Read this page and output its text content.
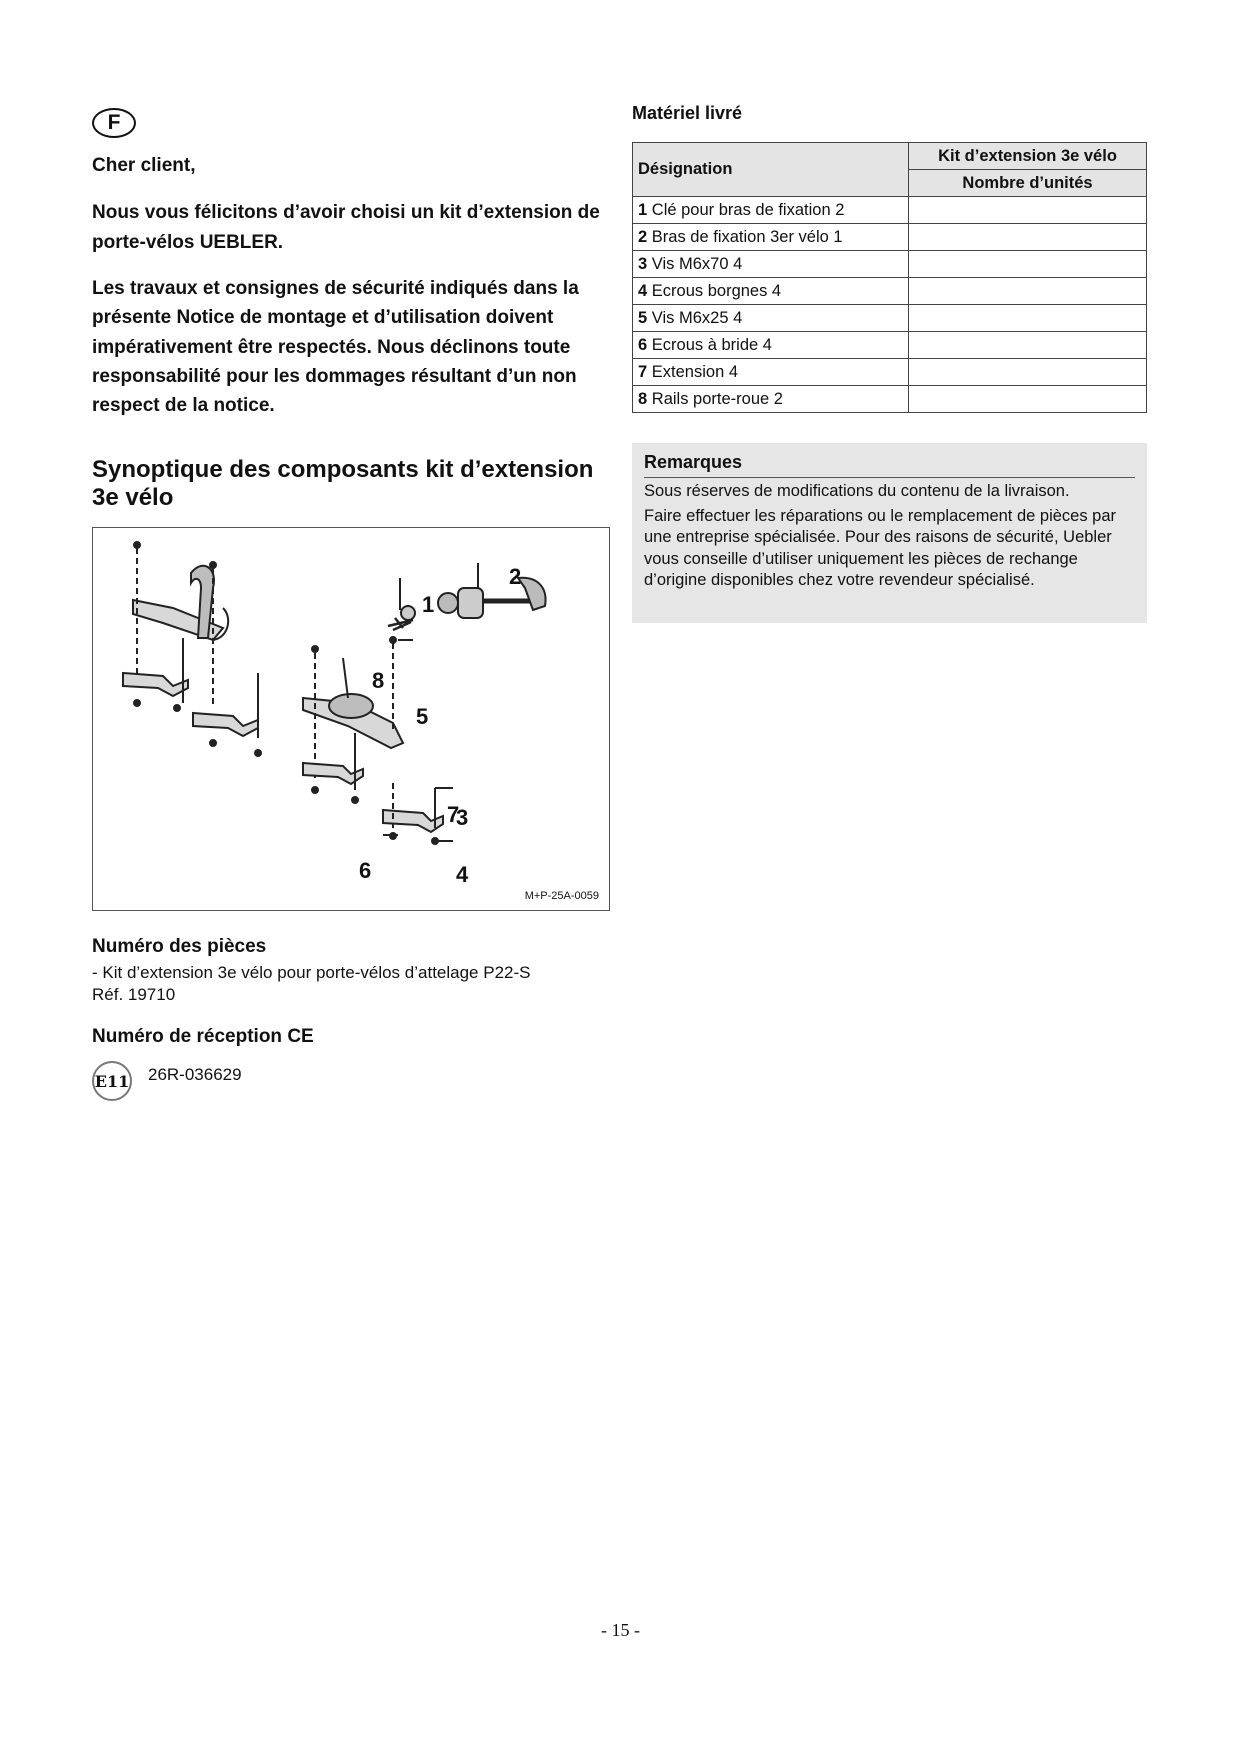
F

Cher client,

Nous vous félicitons d’avoir choisi un kit d’extension de porte-vélos UEBLER.

Les travaux et consignes de sécurité indiqués dans la présente Notice de montage et d’utilisation doivent impérativement être respectés. Nous déclinons toute responsabilité pour les dommages résultant d’un non respect de la notice.

Synoptique des composants kit d’extension 3e vélo
1
2
3
4
5
6
7
8
M+P-25A-0059
Numéro des pièces
- Kit d’extension 3e vélo pour porte-vélos d’attelage P22-S
Réf. 19710
Numéro de réception CE
E11 26R-036629
Matériel livré
Désignation	Kit d’extension 3e vélo
	Nombre d’unités
1 Clé pour bras de fixation 2	
2 Bras de fixation 3er vélo 1	
3 Vis M6x70 4	
4 Ecrous borgnes 4	
5 Vis M6x25 4	
6 Ecrous à bride 4	
7 Extension 4	
8 Rails porte-roue 2	
Remarques

Sous réserves de modifications du contenu de la livraison.

Faire effectuer les réparations ou le remplacement de pièces par une entreprise spécialisée. Pour des raisons de sécurité, Uebler vous conseille d’utiliser uniquement les pièces de rechange d’origine disponibles chez votre revendeur spécialisé.

- 15 -
